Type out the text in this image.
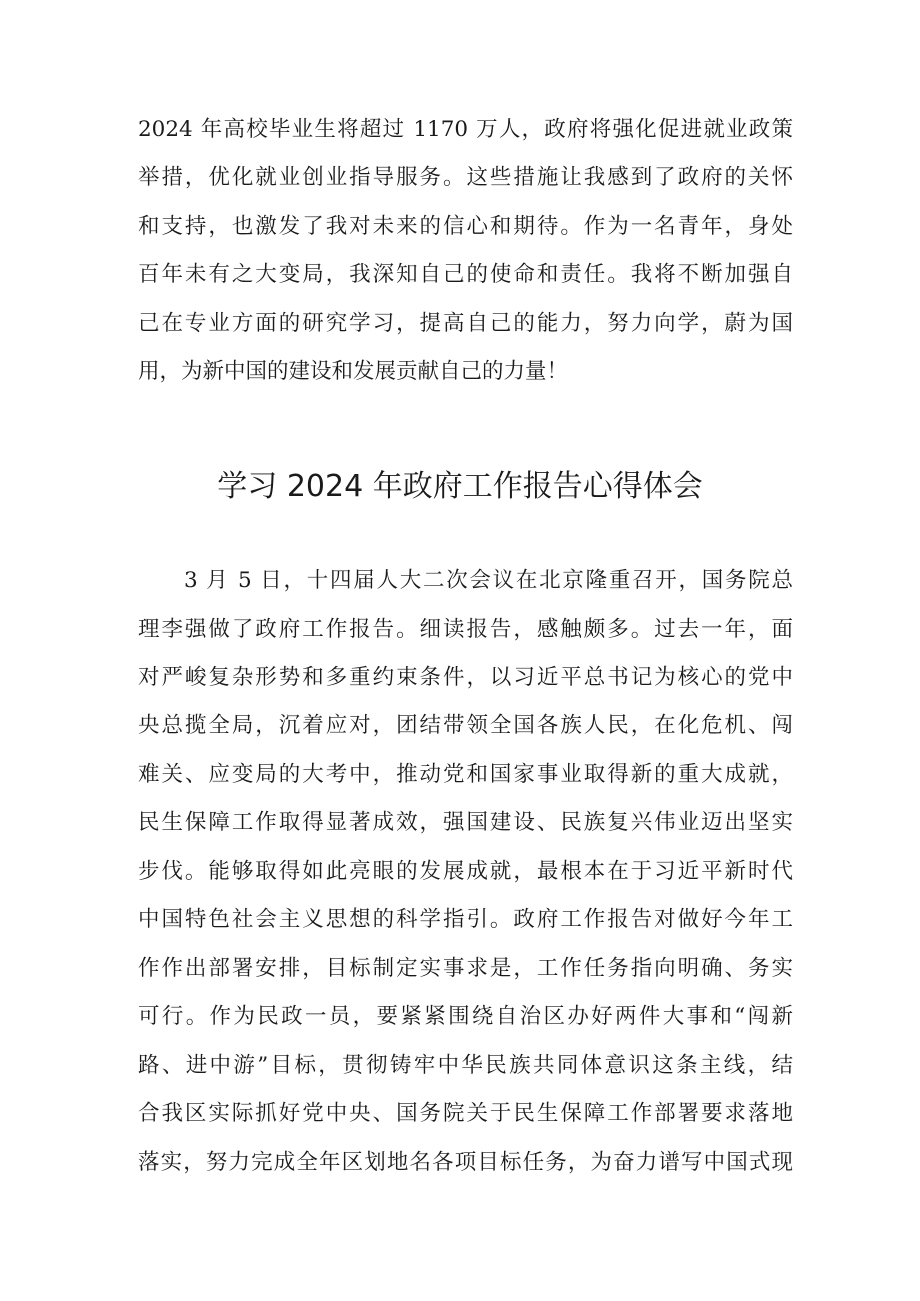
2024 年高校毕业生将超过 1170 万人，政府将强化促进就业政策
举措，优化就业创业指导服务。这些措施让我感到了政府的关怀
和支持，也激发了我对未来的信心和期待。作为一名青年，身处
百年未有之大变局，我深知自己的使命和责任。我将不断加强自
己在专业方面的研究学习，提高自己的能力，努力向学，蔚为国
用，为新中国的建设和发展贡献自己的力量！
学习 2024 年政府工作报告心得体会
3 月 5 日，十四届人大二次会议在北京隆重召开，国务院总
理李强做了政府工作报告。细读报告，感触颇多。过去一年，面
对严峻复杂形势和多重约束条件，以习近平总书记为核心的党中
央总揽全局，沉着应对，团结带领全国各族人民，在化危机、闯
难关、应变局的大考中，推动党和国家事业取得新的重大成就，
民生保障工作取得显著成效，强国建设、民族复兴伟业迈出坚实
步伐。能够取得如此亮眼的发展成就，最根本在于习近平新时代
中国特色社会主义思想的科学指引。政府工作报告对做好今年工
作作出部署安排，目标制定实事求是，工作任务指向明确、务实
可行。作为民政一员，要紧紧围绕自治区办好两件大事和“闯新
路、进中游”目标，贯彻铸牢中华民族共同体意识这条主线，结
合我区实际抓好党中央、国务院关于民生保障工作部署要求落地
落实，努力完成全年区划地名各项目标任务，为奋力谱写中国式现
